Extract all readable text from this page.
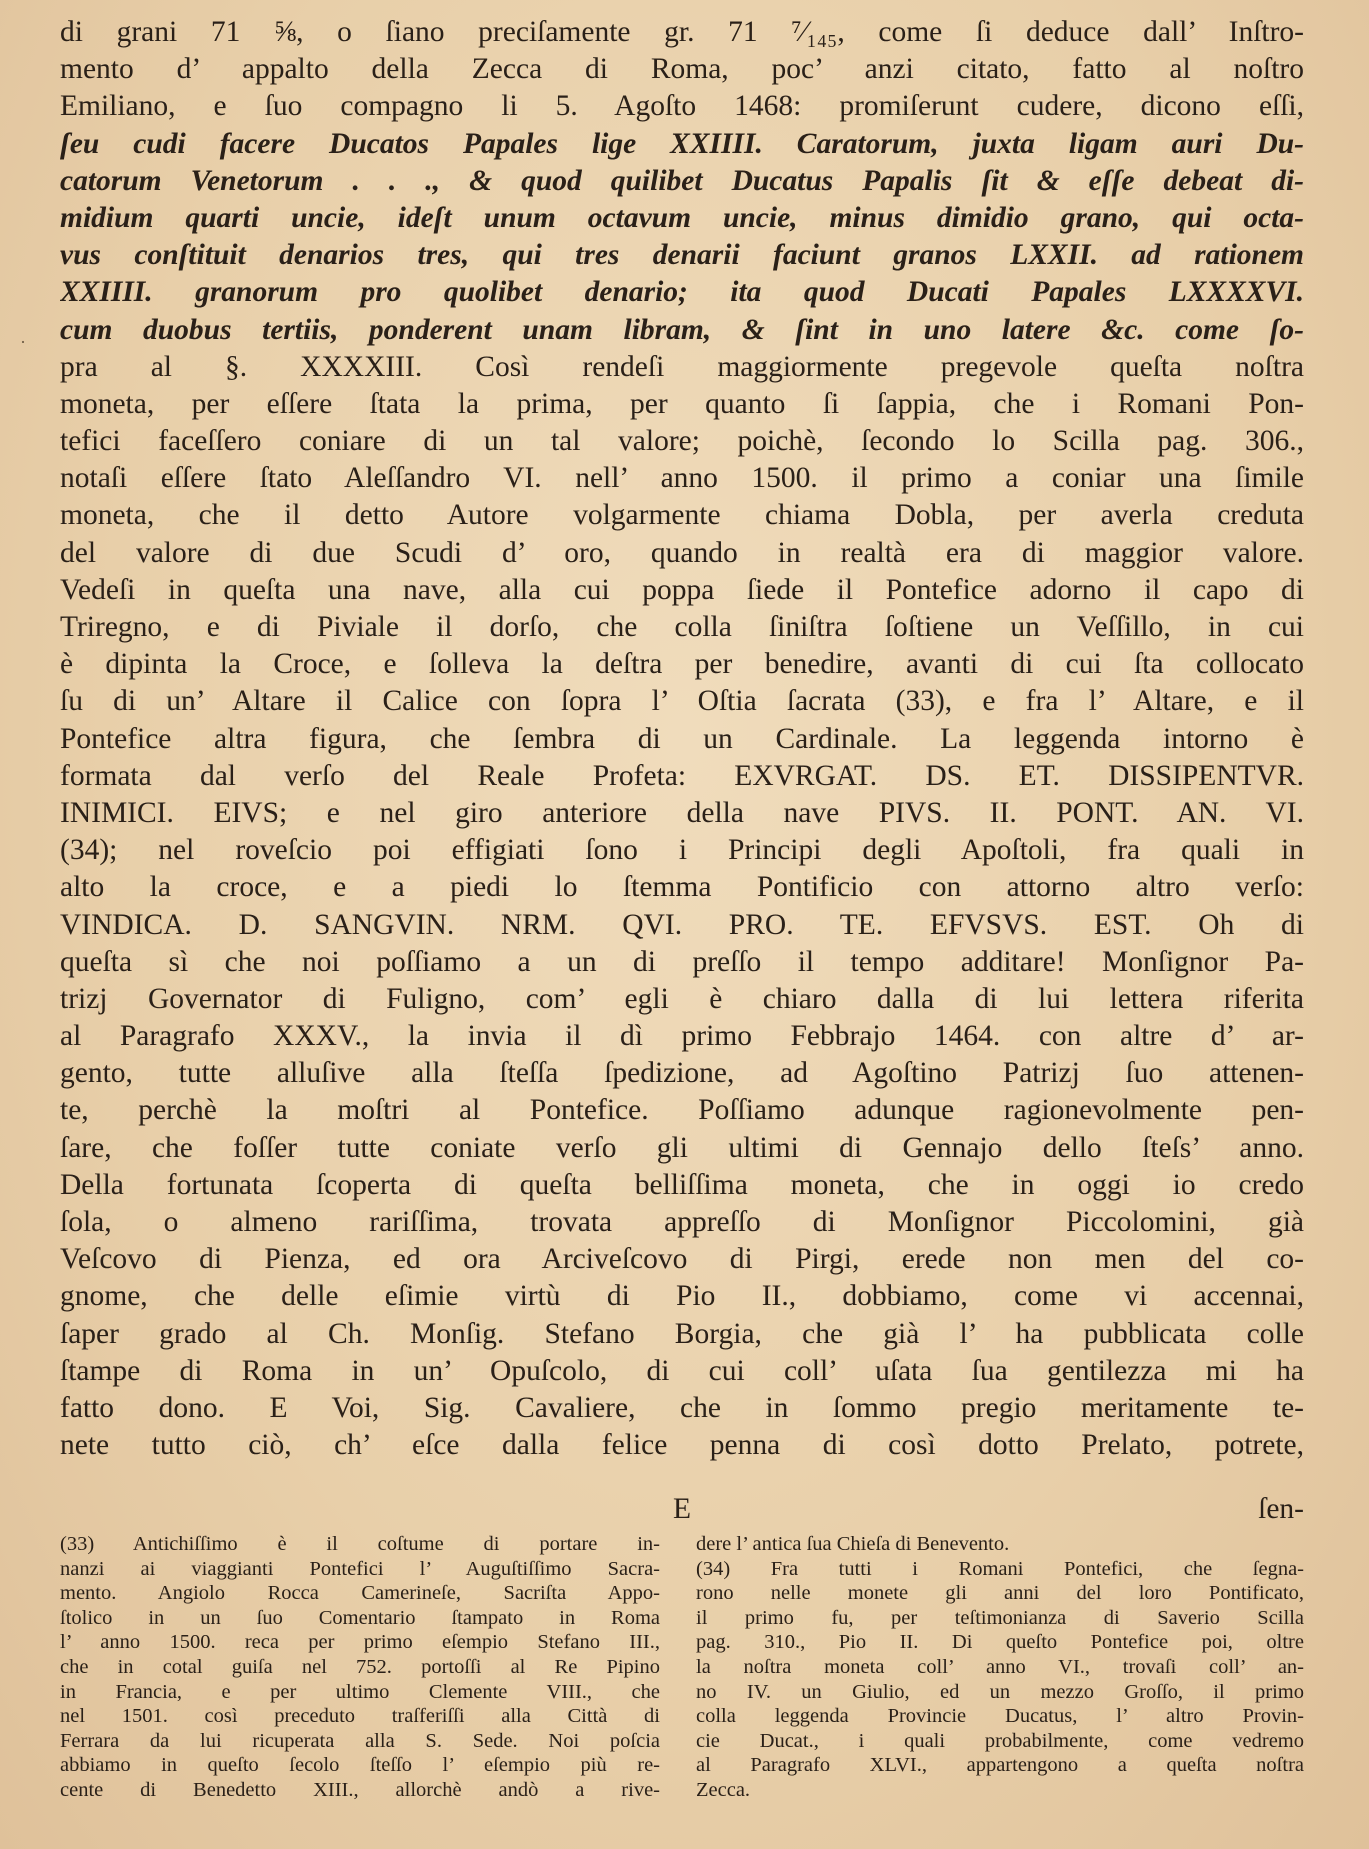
·
di grani 71 ⅝, o ſiano preciſamente gr. 71 ⁷⁄₁₄₅, come ſi deduce dall’ Inſtro-
mento d’ appalto della Zecca di Roma, poc’ anzi citato, fatto al noſtro
Emiliano, e ſuo compagno li 5. Agoſto 1468: promiſerunt cudere, dicono eſſi,
ſeu cudi facere Ducatos Papales lige XXIIII. Caratorum, juxta ligam auri Du-
catorum Venetorum . . ., & quod quilibet Ducatus Papalis ſit & eſſe debeat di-
midium quarti uncie, ideſt unum octavum uncie, minus dimidio grano, qui octa-
vus conſtituit denarios tres, qui tres denarii faciunt granos LXXII. ad rationem
XXIIII. granorum pro quolibet denario; ita quod Ducati Papales LXXXXVI.
cum duobus tertiis, ponderent unam libram, & ſint in uno latere &c. come ſo-
pra al §. XXXXIII. Così rendeſi maggiormente pregevole queſta noſtra
moneta, per eſſere ſtata la prima, per quanto ſi ſappia, che i Romani Pon-
tefici faceſſero coniare di un tal valore; poichè, ſecondo lo Scilla pag. 306.,
notaſi eſſere ſtato Aleſſandro VI. nell’ anno 1500. il primo a coniar una ſimile
moneta, che il detto Autore volgarmente chiama Dobla, per averla creduta
del valore di due Scudi d’ oro, quando in realtà era di maggior valore.
Vedeſi in queſta una nave, alla cui poppa ſiede il Pontefice adorno il capo di
Triregno, e di Piviale il dorſo, che colla ſiniſtra ſoſtiene un Veſſillo, in cui
è dipinta la Croce, e ſolleva la deſtra per benedire, avanti di cui ſta collocato
ſu di un’ Altare il Calice con ſopra l’ Oſtia ſacrata (33), e fra l’ Altare, e il
Pontefice altra figura, che ſembra di un Cardinale. La leggenda intorno è
formata dal verſo del Reale Profeta: EXVRGAT. DS. ET. DISSIPENTVR.
INIMICI. EIVS; e nel giro anteriore della nave PIVS. II. PONT. AN. VI.
(34); nel roveſcio poi effigiati ſono i Principi degli Apoſtoli, fra quali in
alto la croce, e a piedi lo ſtemma Pontificio con attorno altro verſo:
VINDICA. D. SANGVIN. NRM. QVI. PRO. TE. EFVSVS. EST. Oh di
queſta sì che noi poſſiamo a un di preſſo il tempo additare! Monſignor Pa-
trizj Governator di Fuligno, com’ egli è chiaro dalla di lui lettera riferita
al Paragrafo XXXV., la invia il dì primo Febbrajo 1464. con altre d’ ar-
gento, tutte alluſive alla ſteſſa ſpedizione, ad Agoſtino Patrizj ſuo attenen-
te, perchè la moſtri al Pontefice. Poſſiamo adunque ragionevolmente pen-
ſare, che foſſer tutte coniate verſo gli ultimi di Gennajo dello ſteſs’ anno.
Della fortunata ſcoperta di queſta belliſſima moneta, che in oggi io credo
ſola, o almeno rariſſima, trovata appreſſo di Monſignor Piccolomini, già
Veſcovo di Pienza, ed ora Arciveſcovo di Pirgi, erede non men del co-
gnome, che delle eſimie virtù di Pio II., dobbiamo, come vi accennai,
ſaper grado al Ch. Monſig. Stefano Borgia, che già l’ ha pubblicata colle
ſtampe di Roma in un’ Opuſcolo, di cui coll’ uſata ſua gentilezza mi ha
fatto dono. E Voi, Sig. Cavaliere, che in ſommo pregio meritamente te-
nete tutto ciò, ch’ eſce dalla felice penna di così dotto Prelato, potrete,
E	ſen-
(33) Antichiſſimo è il coſtume di portare in-
nanzi ai viaggianti Pontefici l’ Auguſtiſſimo Sacra-
mento. Angiolo Rocca Camerineſe, Sacriſta Appo-
ſtolico in un ſuo Comentario ſtampato in Roma
l’ anno 1500. reca per primo eſempio Stefano III.,
che in cotal guiſa nel 752. portoſſi al Re Pipino
in Francia, e per ultimo Clemente VIII., che
nel 1501. così preceduto traſferiſſi alla Città di
Ferrara da lui ricuperata alla S. Sede. Noi poſcia
abbiamo in queſto ſecolo ſteſſo l’ eſempio più re-
cente di Benedetto XIII., allorchè andò a rive-
dere l’ antica ſua Chieſa di Benevento.
(34) Fra tutti i Romani Pontefici, che ſegna-
rono nelle monete gli anni del loro Pontificato,
il primo fu, per teſtimonianza di Saverio Scilla
pag. 310., Pio II. Di queſto Pontefice poi, oltre
la noſtra moneta coll’ anno VI., trovaſi coll’ an-
no IV. un Giulio, ed un mezzo Groſſo, il primo
colla leggenda Provincie Ducatus, l’ altro Provin-
cie Ducat., i quali probabilmente, come vedremo
al Paragrafo XLVI., appartengono a queſta noſtra
Zecca.
